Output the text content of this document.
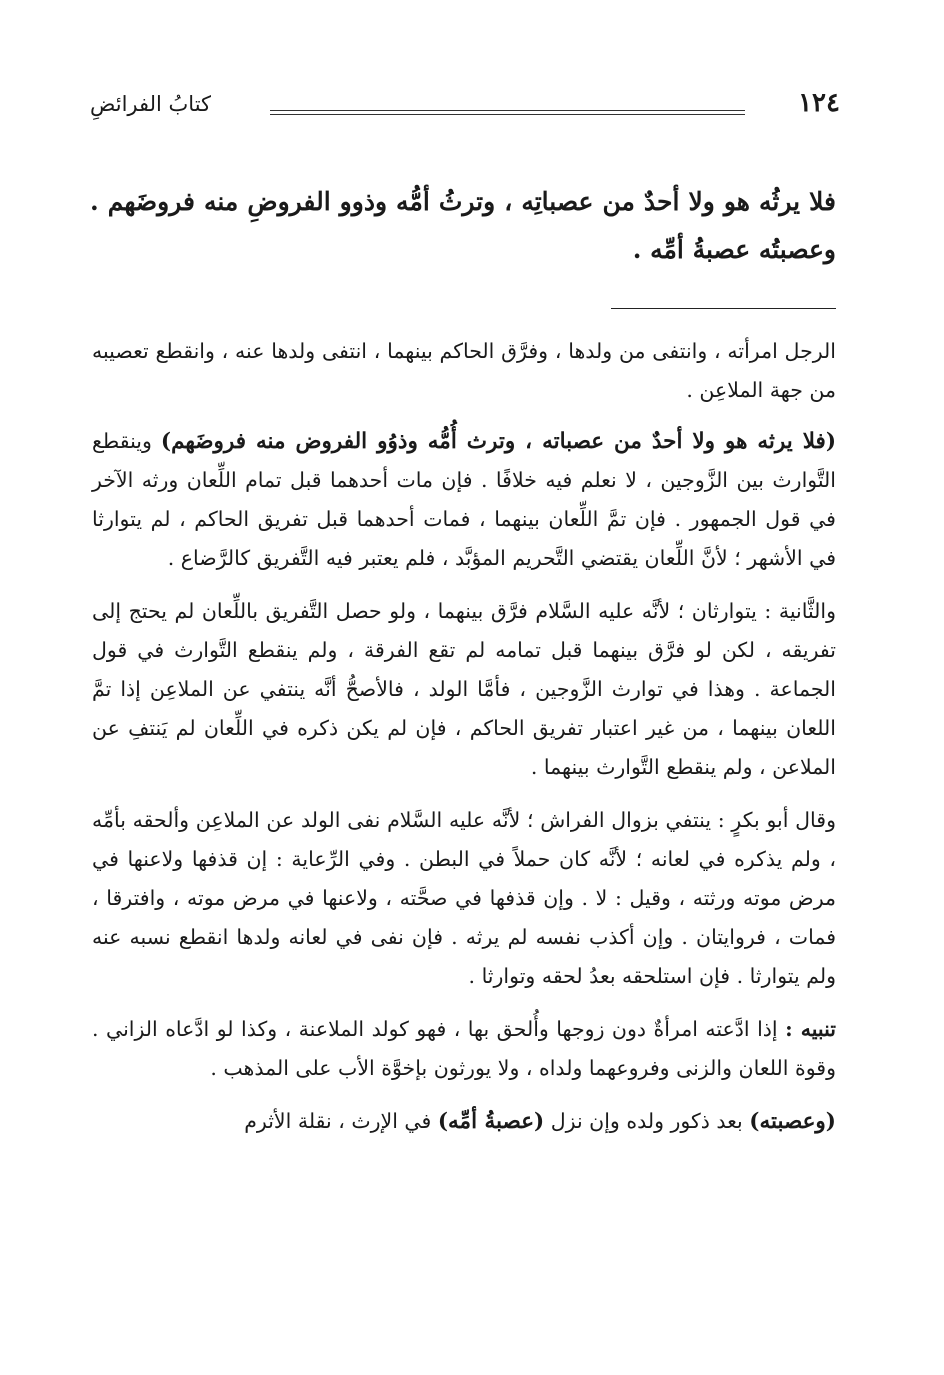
١٢٤
كتابُ الفرائضِ
فلا يرثُه هو ولا أحدٌ من عصباتِه ، وترثُ أمُّه وذوو الفروضِ منه فروضَهم . وعصبتُه عصبةُ أمِّه .

الرجل امرأته ، وانتفى من ولدها ، وفرَّق الحاكم بينهما ، انتفى ولدها عنه ، وانقطع تعصيبه من جهة الملاعِن .

(فلا يرثه هو ولا أحدٌ من عصباته ، وترث أُمُّه وذوُو الفروض منه فروضَهم) وينقطع التَّوارث بين الزَّوجين ، لا نعلم فيه خلافًا . فإن مات أحدهما قبل تمام اللِّعان ورثه الآخر في قول الجمهور . فإن تمَّ اللِّعان بينهما ، فمات أحدهما قبل تفريق الحاكم ، لم يتوارثا في الأشهر ؛ لأنَّ اللِّعان يقتضي التَّحريم المؤبَّد ، فلم يعتبر فيه التَّفريق كالرَّضاع .

والثَّانية : يتوارثان ؛ لأنَّه عليه السَّلام فرَّق بينهما ، ولو حصل التَّفريق باللِّعان لم يحتج إلى تفريقه ، لكن لو فرَّق بينهما قبل تمامه لم تقع الفرقة ، ولم ينقطع التَّوارث في قول الجماعة . وهذا في توارث الزَّوجين ، فأمَّا الولد ، فالأصحُّ أنَّه ينتفي عن الملاعِن إذا تمَّ اللعان بينهما ، من غير اعتبار تفريق الحاكم ، فإن لم يكن ذكره في اللِّعان لم يَنتفِ عن الملاعن ، ولم ينقطع التَّوارث بينهما .

وقال أبو بكرٍ : ينتفي بزوال الفراش ؛ لأنَّه عليه السَّلام نفى الولد عن الملاعِن وألحقه بأمِّه ، ولم يذكره في لعانه ؛ لأنَّه كان حملاً في البطن . وفي الرِّعاية : إن قذفها ولاعنها في مرض موته ورثته ، وقيل : لا . وإن قذفها في صحَّته ، ولاعنها في مرض موته ، وافترقا ، فمات ، فروايتان . وإن أكذب نفسه لم يرثه . فإن نفى في لعانه ولدها انقطع نسبه عنه ولم يتوارثا . فإن استلحقه بعدُ لحقه وتوارثا .

تنبيه : إذا ادَّعته امرأةٌ دون زوجها وأُلحق بها ، فهو كولد الملاعنة ، وكذا لو ادَّعاه الزاني . وقوة اللعان والزنى وفروعهما ولداه ، ولا يورثون بإخوَّة الأب على المذهب .

(وعصبته) بعد ذكور ولده وإن نزل (عصبةُ أمِّه) في الإرث ، نقلة الأثرم
